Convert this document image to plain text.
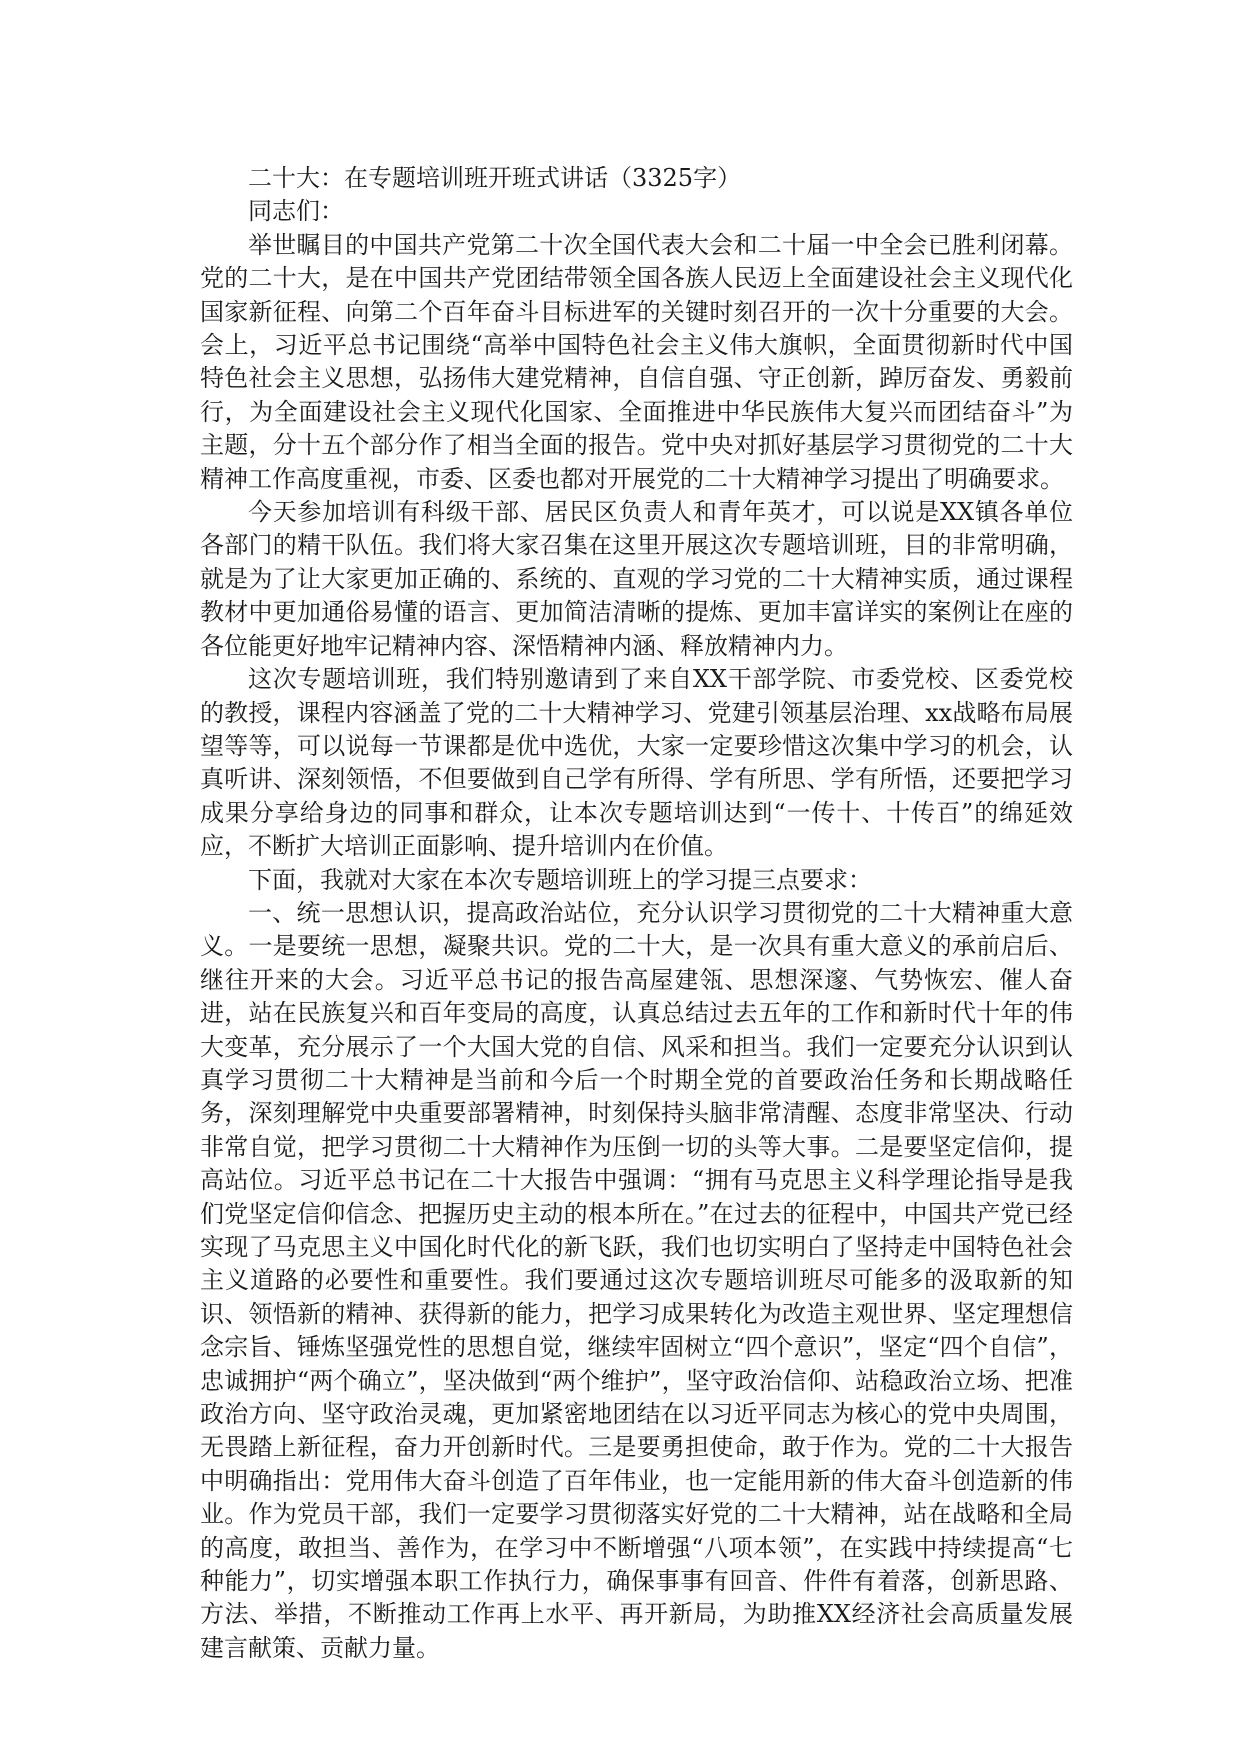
二十大：在专题培训班开班式讲话（3325字）

同志们：

举世瞩目的中国共产党第二十次全国代表大会和二十届一中全会已胜利闭幕。党的二十大，是在中国共产党团结带领全国各族人民迈上全面建设社会主义现代化国家新征程、向第二个百年奋斗目标进军的关键时刻召开的一次十分重要的大会。会上，习近平总书记围绕“高举中国特色社会主义伟大旗帜，全面贯彻新时代中国特色社会主义思想，弘扬伟大建党精神，自信自强、守正创新，踔厉奋发、勇毅前行，为全面建设社会主义现代化国家、全面推进中华民族伟大复兴而团结奋斗”为主题，分十五个部分作了相当全面的报告。党中央对抓好基层学习贯彻党的二十大精神工作高度重视，市委、区委也都对开展党的二十大精神学习提出了明确要求。

今天参加培训有科级干部、居民区负责人和青年英才，可以说是XX镇各单位各部门的精干队伍。我们将大家召集在这里开展这次专题培训班，目的非常明确，就是为了让大家更加正确的、系统的、直观的学习党的二十大精神实质，通过课程教材中更加通俗易懂的语言、更加简洁清晰的提炼、更加丰富详实的案例让在座的各位能更好地牢记精神内容、深悟精神内涵、释放精神内力。

这次专题培训班，我们特别邀请到了来自XX干部学院、市委党校、区委党校的教授，课程内容涵盖了党的二十大精神学习、党建引领基层治理、xx战略布局展望等等，可以说每一节课都是优中选优，大家一定要珍惜这次集中学习的机会，认真听讲、深刻领悟，不但要做到自己学有所得、学有所思、学有所悟，还要把学习成果分享给身边的同事和群众，让本次专题培训达到“一传十、十传百”的绵延效应，不断扩大培训正面影响、提升培训内在价值。

下面，我就对大家在本次专题培训班上的学习提三点要求：

一、统一思想认识，提高政治站位，充分认识学习贯彻党的二十大精神重大意义。一是要统一思想，凝聚共识。党的二十大，是一次具有重大意义的承前启后、继往开来的大会。习近平总书记的报告高屋建瓴、思想深邃、气势恢宏、催人奋进，站在民族复兴和百年变局的高度，认真总结过去五年的工作和新时代十年的伟大变革，充分展示了一个大国大党的自信、风采和担当。我们一定要充分认识到认真学习贯彻二十大精神是当前和今后一个时期全党的首要政治任务和长期战略任务，深刻理解党中央重要部署精神，时刻保持头脑非常清醒、态度非常坚决、行动非常自觉，把学习贯彻二十大精神作为压倒一切的头等大事。二是要坚定信仰，提高站位。习近平总书记在二十大报告中强调：“拥有马克思主义科学理论指导是我们党坚定信仰信念、把握历史主动的根本所在。”在过去的征程中，中国共产党已经实现了马克思主义中国化时代化的新飞跃，我们也切实明白了坚持走中国特色社会主义道路的必要性和重要性。我们要通过这次专题培训班尽可能多的汲取新的知识、领悟新的精神、获得新的能力，把学习成果转化为改造主观世界、坚定理想信念宗旨、锤炼坚强党性的思想自觉，继续牢固树立“四个意识”，坚定“四个自信”，忠诚拥护“两个确立”，坚决做到“两个维护”，坚守政治信仰、站稳政治立场、把准政治方向、坚守政治灵魂，更加紧密地团结在以习近平同志为核心的党中央周围，无畏踏上新征程，奋力开创新时代。三是要勇担使命，敢于作为。党的二十大报告中明确指出：党用伟大奋斗创造了百年伟业，也一定能用新的伟大奋斗创造新的伟业。作为党员干部，我们一定要学习贯彻落实好党的二十大精神，站在战略和全局的高度，敢担当、善作为，在学习中不断增强“八项本领”，在实践中持续提高“七种能力”，切实增强本职工作执行力，确保事事有回音、件件有着落，创新思路、方法、举措，不断推动工作再上水平、再开新局，为助推XX经济社会高质量发展建言献策、贡献力量。
